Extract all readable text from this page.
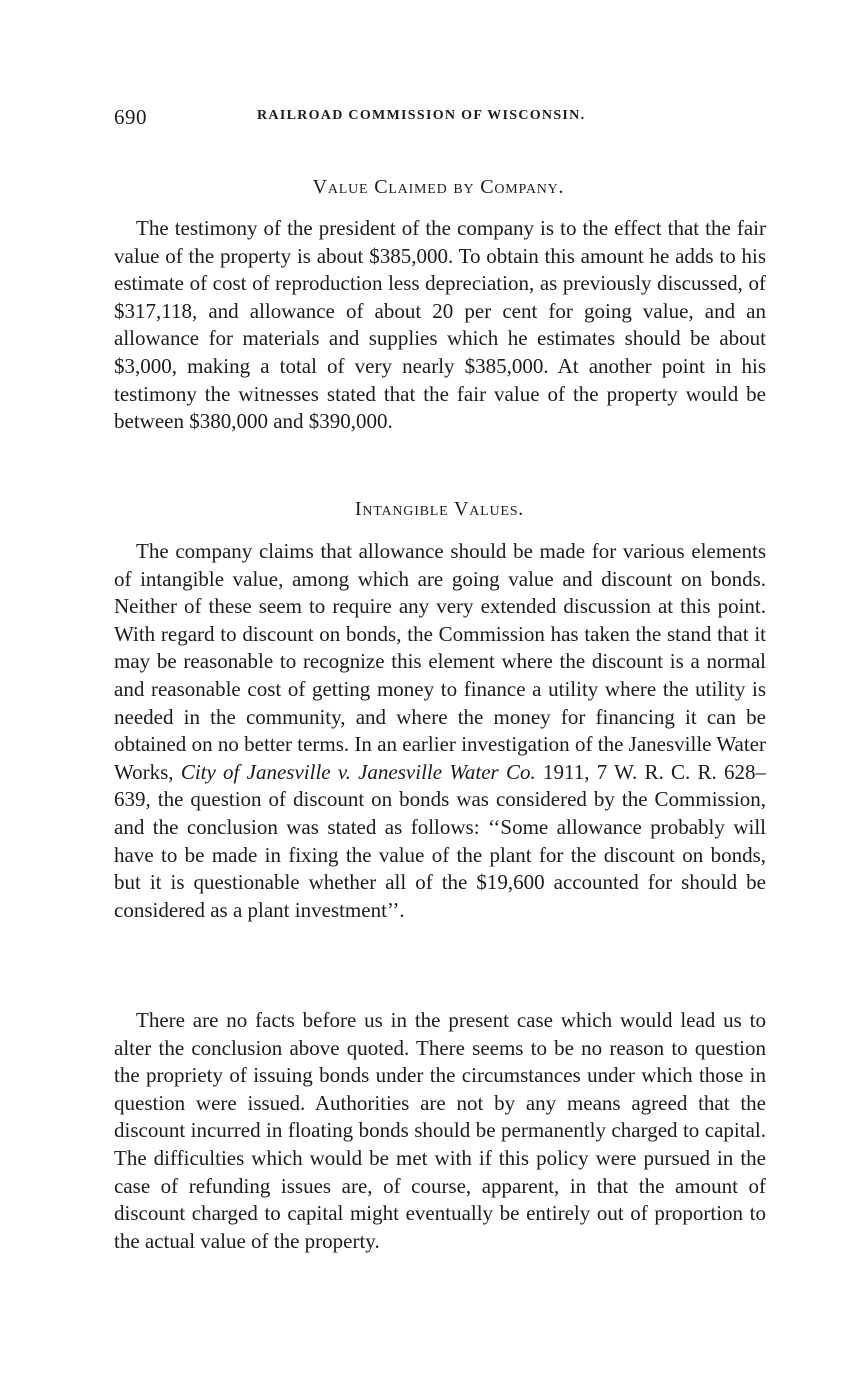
690	RAILROAD COMMISSION OF WISCONSIN.
Value Claimed by Company.

The testimony of the president of the company is to the effect that the fair value of the property is about $385,000. To obtain this amount he adds to his estimate of cost of reproduction less depreciation, as previously discussed, of $317,118, and allowance of about 20 per cent for going value, and an allowance for materials and supplies which he estimates should be about $3,000, making a total of very nearly $385,000. At another point in his testimony the witnesses stated that the fair value of the property would be between $380,000 and $390,000.

Intangible Values.

The company claims that allowance should be made for various elements of intangible value, among which are going value and discount on bonds. Neither of these seem to require any very extended discussion at this point. With regard to discount on bonds, the Commission has taken the stand that it may be reasonable to recognize this element where the discount is a normal and reasonable cost of getting money to finance a utility where the utility is needed in the community, and where the money for financing it can be obtained on no better terms. In an earlier investigation of the Janesville Water Works, City of Janesville v. Janesville Water Co. 1911, 7 W. R. C. R. 628–639, the question of discount on bonds was considered by the Commission, and the conclusion was stated as follows: ‘‘Some allowance probably will have to be made in fixing the value of the plant for the discount on bonds, but it is questionable whether all of the $19,600 accounted for should be considered as a plant investment’’.

There are no facts before us in the present case which would lead us to alter the conclusion above quoted. There seems to be no reason to question the propriety of issuing bonds under the circumstances under which those in question were issued. Authorities are not by any means agreed that the discount incurred in floating bonds should be permanently charged to capital. The difficulties which would be met with if this policy were pursued in the case of refunding issues are, of course, apparent, in that the amount of discount charged to capital might eventually be entirely out of proportion to the actual value of the property.
